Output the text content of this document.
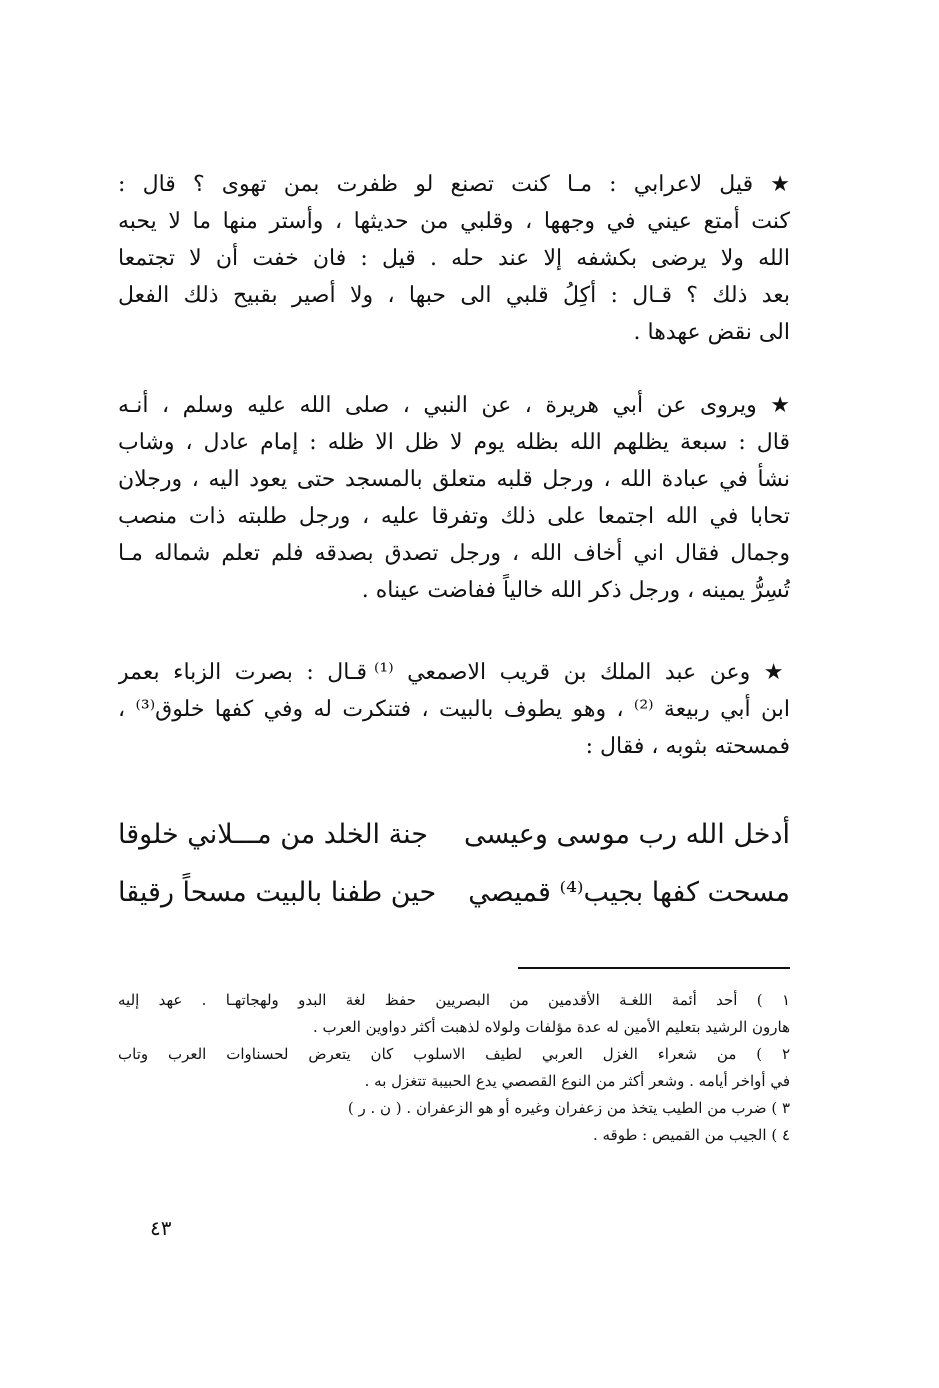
★ قيل لاعرابي : مـا كنت تصنع لو ظفرت بمن تهوى ؟ قال :
كنت أمتع عيني في وجهها ، وقلبي من حديثها ، وأستر منها ما لا يحبه
الله ولا يرضى بكشفه إلا عند حله . قيل : فان خفت أن لا تجتمعا
بعد ذلك ؟ قـال : أكِلُ قلبي الى حبها ، ولا أصير بقبيح ذلك الفعل
الى نقض عهدها .
★ ويروى عن أبي هريرة ، عن النبي ، صلى الله عليه وسلم ، أنـه
قال : سبعة يظلهم الله بظله يوم لا ظل الا ظله : إمام عادل ، وشاب
نشأ في عبادة الله ، ورجل قلبه متعلق بالمسجد حتى يعود اليه ، ورجلان
تحابا في الله اجتمعا على ذلك وتفرقا عليه ، ورجل طلبته ذات منصب
وجمال فقال اني أخاف الله ، ورجل تصدق بصدقه فلم تعلم شماله مـا
تُسِرُّ يمينه ، ورجل ذكر الله خالياً ففاضت عيناه .
★ وعن عبد الملك بن قريب الاصمعي ⁽¹⁾ قـال : بصرت الزباء بعمر
ابن أبي ربيعة ⁽²⁾ ، وهو يطوف بالبيت ، فتنكرت له وفي كفها خلوق⁽³⁾ ،
فمسحته بثوبه ، فقال :
أدخل الله رب موسى وعيسى
جنة الخلد من مـــلاني خلوقا
مسحت كفها بجيب⁽⁴⁾ قميصي
حين طفنا بالبيت مسحاً رقيقا
١ ) أحد أئمة اللغـة الأقدمين من البصريين حفظ لغة البدو ولهجاتهـا . عهد إليه
هارون الرشيد بتعليم الأمين له عدة مؤلفات ولولاه لذهبت أكثر دواوين العرب .
٢ ) من شعراء الغزل العربي لطيف الاسلوب كان يتعرض لحسناوات العرب وتاب
في أواخر أيامه . وشعر أكثر من النوع القصصي يدع الحبيبة تتغزل به .
٣ ) ضرب من الطيب يتخذ من زعفران وغيره أو هو الزعفران . ( ن . ر )
٤ ) الجيب من القميص : طوقه .
٤٣
